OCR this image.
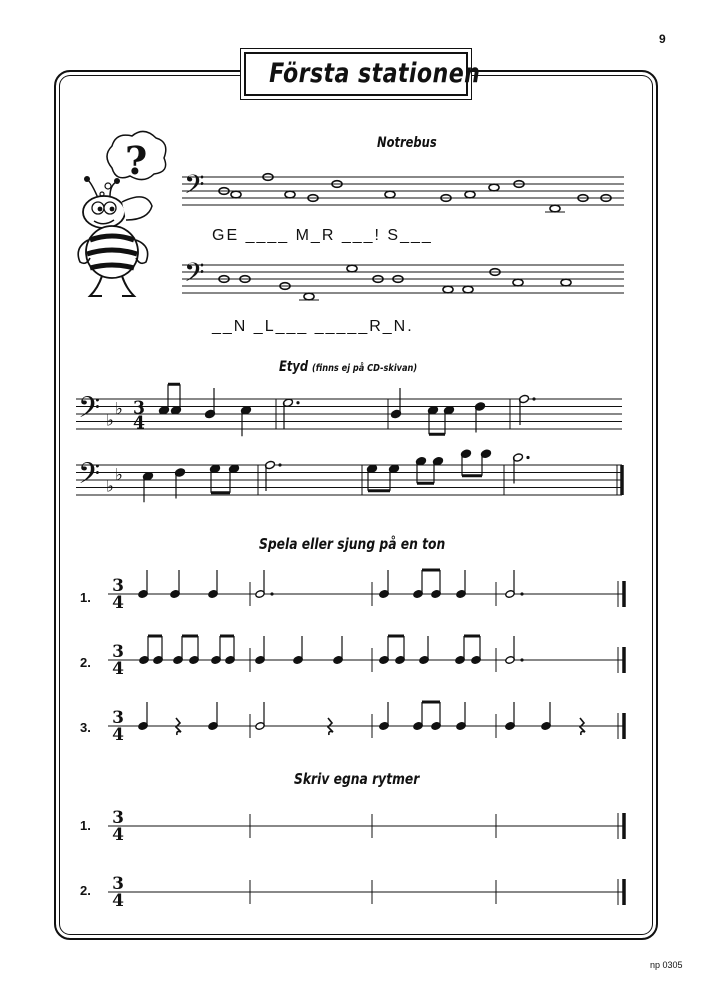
9
Första stationen
?	Notrebus
Etyd (finns ej på CD-skivan)
Spela eller sjung på en ton
Skriv egna rytmer
GE ____ M_R ___! S___
__N _L___ _____R_N.
1.
2.
3.
1.
2.
𝄢
𝄢
𝄢 ♭
♭ 3
4
𝄢 ♭
♭
3
4
3
4
3
4
3
4
3
4
np 0305
